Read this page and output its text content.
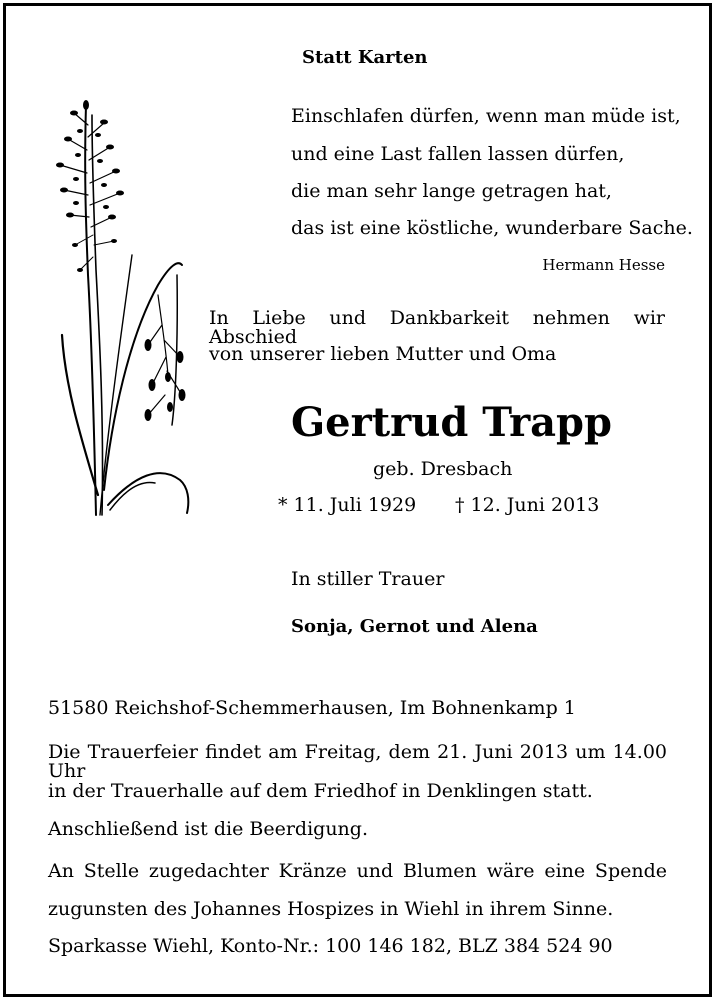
Statt Karten
Einschlafen dürfen, wenn man müde ist,
und eine Last fallen lassen dürfen,
die man sehr lange getragen hat,
das ist eine köstliche, wunderbare Sache.
Hermann Hesse
In Liebe und Dankbarkeit nehmen wir Abschied
von unserer lieben Mutter und Oma
Gertrud Trapp
geb. Dresbach
* 11. Juli 1929 † 12. Juni 2013
In stiller Trauer
Sonja, Gernot und Alena
51580 Reichshof-Schemmerhausen, Im Bohnenkamp 1
Die Trauerfeier findet am Freitag, dem 21. Juni 2013 um 14.00 Uhr
in der Trauerhalle auf dem Friedhof in Denklingen statt.
Anschließend ist die Beerdigung.
An Stelle zugedachter Kränze und Blumen wäre eine Spende
zugunsten des Johannes Hospizes in Wiehl in ihrem Sinne.
Sparkasse Wiehl, Konto-Nr.: 100 146 182, BLZ 384 524 90
